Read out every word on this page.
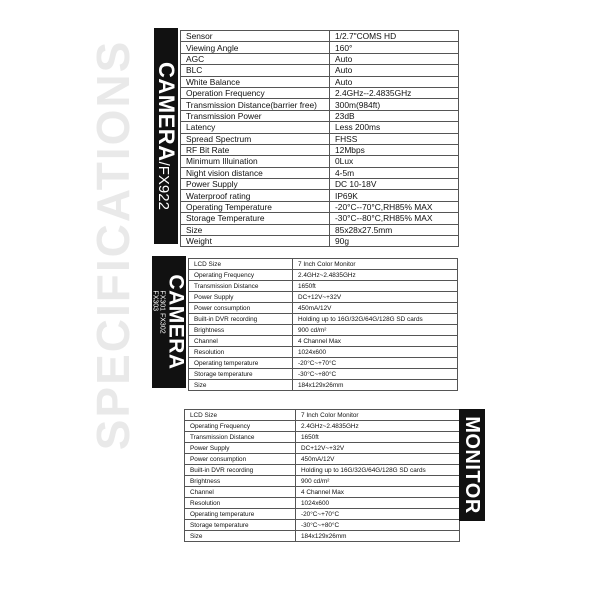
SPECIFICATIONS CAMERA/FX922
Sensor	1/2.7"COMS HD
Viewing Angle	160°
AGC	Auto
BLC	Auto
White Balance	Auto
Operation Frequency	2.4GHz--2.4835GHz
Transmission Distance(barrier free)	300m(984ft)
Transmission Power	23dB
Latency	Less 200ms
Spread Spectrum	FHSS
RF Bit Rate	12Mbps
Minimum Illuination	0Lux
Night vision distance	4-5m
Power Supply	DC 10-18V
Waterproof rating	IP69K
Operating Temperature	-20°C--70°C,RH85% MAX
Storage Temperature	-30°C--80°C,RH85% MAX
Size	85x28x27.5mm
Weight	90g
CAMERA
FX301 FX302
FX303
LCD Size	7 Inch Color Monitor
Operating Frequency	2.4GHz~2.4835GHz
Transmission Distance	1650ft
Power Supply	DC+12V~+32V
Power consumption	450mA/12V
Built-in DVR recording	Holding up to 16G/32G/64G/128G SD cards
Brightness	900 cd/m²
Channel	4 Channel Max
Resolution	1024x600
Operating temperature	-20°C~+70°C
Storage temperature	-30°C~+80°C
Size	184x129x26mm
LCD Size	7 Inch Color Monitor
Operating Frequency	2.4GHz~2.4835GHz
Transmission Distance	1650ft
Power Supply	DC+12V~+32V
Power consumption	450mA/12V
Built-in DVR recording	Holding up to 16G/32G/64G/128G SD cards
Brightness	900 cd/m²
Channel	4 Channel Max
Resolution	1024x600
Operating temperature	-20°C~+70°C
Storage temperature	-30°C~+80°C
Size	184x129x26mm
MONITOR
